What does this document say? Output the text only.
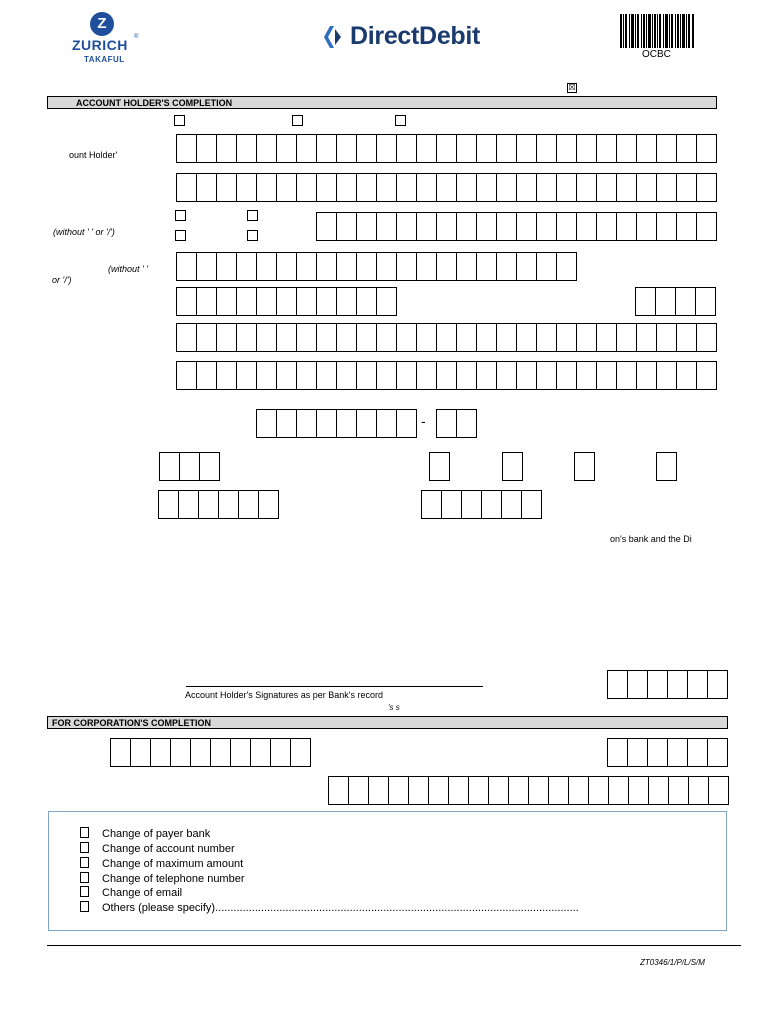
Z
ZURICH ®
TAKAFUL
DirectDebit
OCBC
☒
ACCOUNT HOLDER'S COMPLETION
ount Holder'
(without ' ' or '/')
(without ' '
or '/')
-
on's bank and the Di
Account Holder's Signatures as per Bank's record
's s
FOR CORPORATION'S COMPLETION
Change of payer bank
Change of account number
Change of maximum amount
Change of telephone number
Change of email
Others (please specify).......................................................................................................................
ZT0346/1/P/L/S/M
